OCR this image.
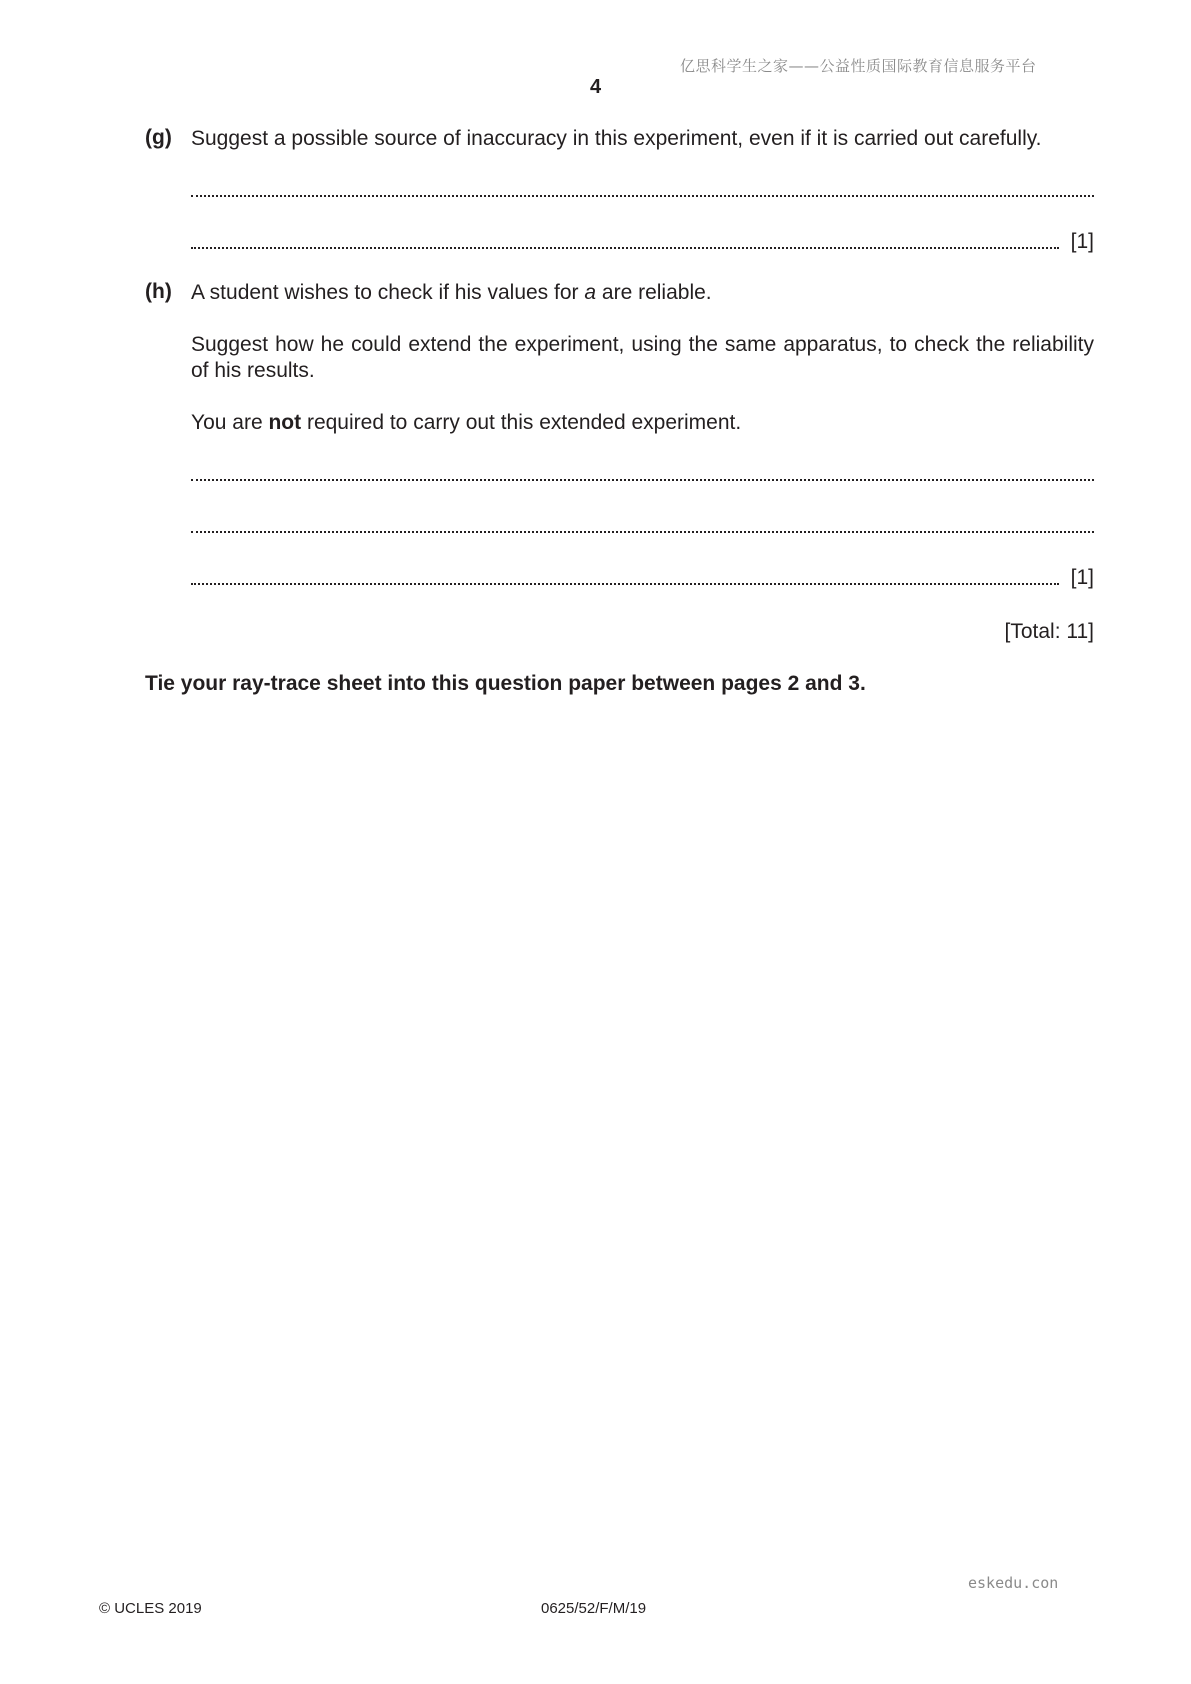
亿思科学生之家——公益性质国际教育信息服务平台
4
(g) Suggest a possible source of inaccuracy in this experiment, even if it is carried out carefully.
[1]
(h) A student wishes to check if his values for a are reliable.
Suggest how he could extend the experiment, using the same apparatus, to check the reliability of his results.
You are not required to carry out this extended experiment.
[1]
[Total: 11]
Tie your ray-trace sheet into this question paper between pages 2 and 3.
eskedu.con
© UCLES 2019	0625/52/F/M/19
